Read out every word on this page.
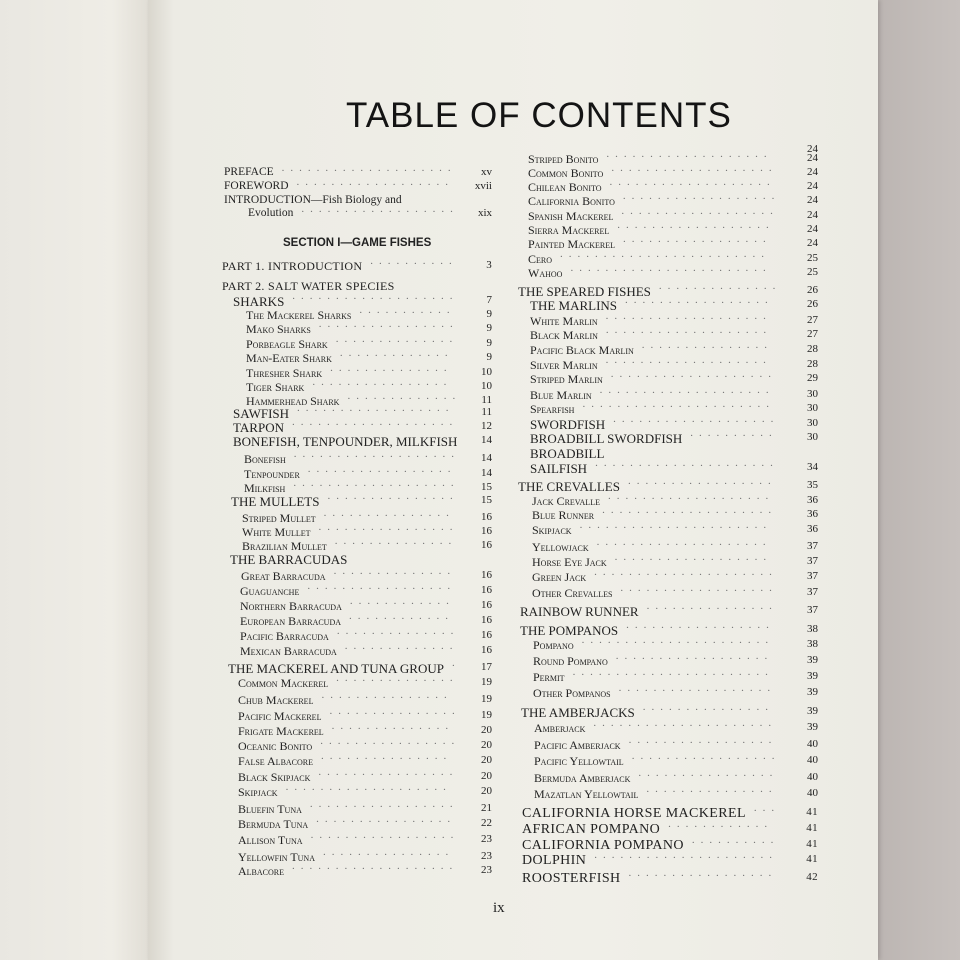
TABLE OF CONTENTS
PREFACE	xv
....................
FOREWORD	xvii
..................
INTRODUCTION—Fish Biology and
Evolution	xix
..................
SECTION I—GAME FISHES
PART 1. INTRODUCTION	3
..........
PART 2. SALT WATER SPECIES
SHARKS	7
...................
The Mackerel Sharks	9
...........
Mako Sharks	9
................
Porbeagle Shark	9
..............
Man-Eater Shark	9
.............
Thresher Shark	10
..............
Tiger Shark	10
................
Hammerhead Shark	11
.............
SAWFISH	11
..................
TARPON	12
...................
BONEFISH, TENPOUNDER, MILKFISH	14
Bonefish	14
...................
Tenpounder	14
.................
Milkfish	15
...................
THE MULLETS	15
...............
Striped Mullet	16
...............
White Mullet	16
................
Brazilian Mullet	16
..............
THE BARRACUDAS
Great Barracuda	16
..............
Guaguanche	16
.................
Northern Barracuda	16
............
European Barracuda	16
............
Pacific Barracuda	16
..............
Mexican Barracuda	16
.............
THE MACKEREL AND TUNA GROUP	17
.
Common Mackerel	19
..............
Chub Mackerel	19
...............
Pacific Mackerel	19
...............
Frigate Mackerel	20
..............
Oceanic Bonito	20
................
False Albacore	20
...............
Black Skipjack	20
................
Skipjack	20
...................
Bluefin Tuna	21
.................
Bermuda Tuna	22
................
Allison Tuna	23
.................
Yellowfin Tuna	23
...............
Albacore	23
...................
24
Striped Bonito	24
...................
Common Bonito	24
...................
Chilean Bonito	24
...................
California Bonito	24
..................
Spanish Mackerel	24
..................
Sierra Mackerel	24
..................
Painted Mackerel	24
.................
Cero	25
........................
Wahoo	25
.......................
THE SPEARED FISHES	26
..............
THE MARLINS	26
.................
White Marlin	27
...................
Black Marlin	27
...................
Pacific Black Marlin	28
...............
Silver Marlin	28
...................
Striped Marlin	29
...................
Blue Marlin	30
....................
Spearfish	30
......................
SWORDFISH	30
...................
BROADBILL SWORDFISH	30
..........
BROADBILL
SAILFISH	34
.....................
THE CREVALLES	35
.................
Jack Crevalle	36
...................
Blue Runner	36
....................
Skipjack	36
......................
Yellowjack	37
....................
Horse Eye Jack	37
..................
Green Jack	37
.....................
Other Crevalles	37
..................
RAINBOW RUNNER	37
...............
THE POMPANOS	38
.................
Pompano	38
......................
Round Pompano	39
..................
Permit	39
.......................
Other Pompanos	39
..................
THE AMBERJACKS	39
...............
Amberjack	39
.....................
Pacific Amberjack	40
.................
Pacific Yellowtail	40
.................
Bermuda Amberjack	40
................
Mazatlan Yellowtail	40
...............
CALIFORNIA HORSE MACKEREL	41
...
AFRICAN POMPANO	41
............
CALIFORNIA POMPANO	41
..........
DOLPHIN	41
.....................
ROOSTERFISH	42
.................
ix
